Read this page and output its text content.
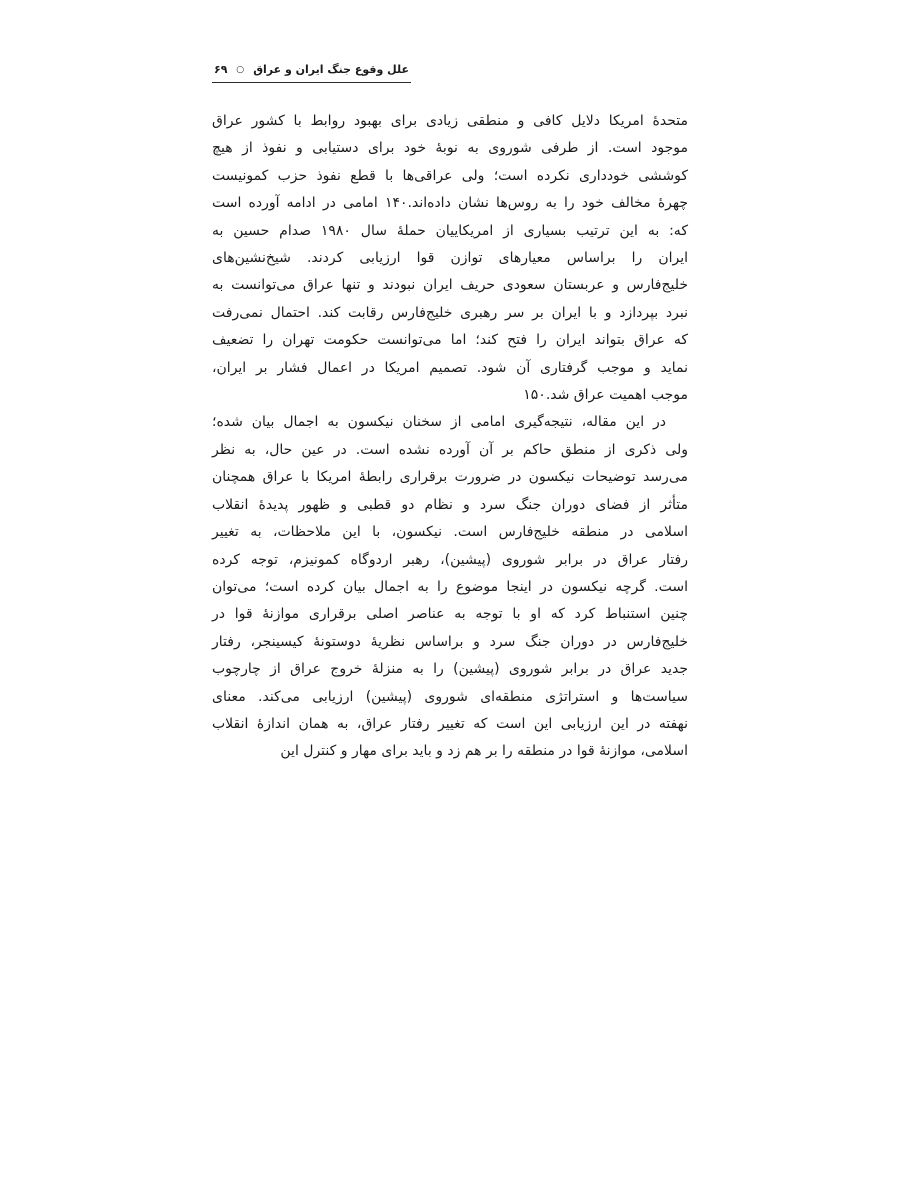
علل وقوع جنگ ایران و عراق ○ ۶۹
متحدهٔ امریکا دلایل کافی و منطقی زیادی برای بهبود روابط با کشور عراق
موجود است. از طرفی شوروی به نوبهٔ خود برای دستیابی و نفوذ از هیچ
کوششی خودداری نکرده است؛ ولی عراقی‌ها با قطع نفوذ حزب کمونیست
چهرهٔ مخالف خود را به روس‌ها نشان داده‌اند.۱۴۰ امامی در ادامه آورده است
که: به این ترتیب بسیاری از امریکاییان حملهٔ سال ۱۹۸۰ صدام حسین به
ایران را براساس معیارهای توازن قوا ارزیابی کردند. شیخ‌نشین‌های
خلیج‌فارس و عربستان سعودی حریف ایران نبودند و تنها عراق می‌توانست به
نبرد بپردازد و با ایران بر سر رهبری خلیج‌فارس رقابت کند. احتمال نمی‌رفت
که عراق بتواند ایران را فتح کند؛ اما می‌توانست حکومت تهران را تضعیف
نماید و موجب گرفتاری آن شود. تصمیم امریکا در اعمال فشار بر ایران،
موجب اهمیت عراق شد.۱۵۰
در این مقاله، نتیجه‌گیری امامی از سخنان نیکسون به اجمال بیان شده؛
ولی ذکری از منطق حاکم بر آن آورده نشده است. در عین حال، به نظر
می‌رسد توضیحات نیکسون در ضرورت برقراری رابطهٔ امریکا با عراق همچنان
متأثر از فضای دوران جنگ سرد و نظام دو قطبی و ظهور پدیدهٔ انقلاب
اسلامی در منطقه خلیج‌فارس است. نیکسون، با این ملاحظات، به تغییر
رفتار عراق در برابر شوروی (پیشین)، رهبر اردوگاه کمونیزم، توجه کرده
است. گرچه نیکسون در اینجا موضوع را به اجمال بیان کرده است؛ می‌توان
چنین استنباط کرد که او با توجه به عناصر اصلی برقراری موازنهٔ قوا در
خلیج‌فارس در دوران جنگ سرد و براساس نظریهٔ دوستونهٔ کیسینجر، رفتار
جدید عراق در برابر شوروی (پیشین) را به منزلهٔ خروج عراق از چارچوب
سیاست‌ها و استراتژی منطقه‌ای شوروی (پیشین) ارزیابی می‌کند. معنای
نهفته در این ارزیابی این است که تغییر رفتار عراق، به همان اندازهٔ انقلاب
اسلامی، موازنهٔ قوا در منطقه را بر هم زد و باید برای مهار و کنترل این
